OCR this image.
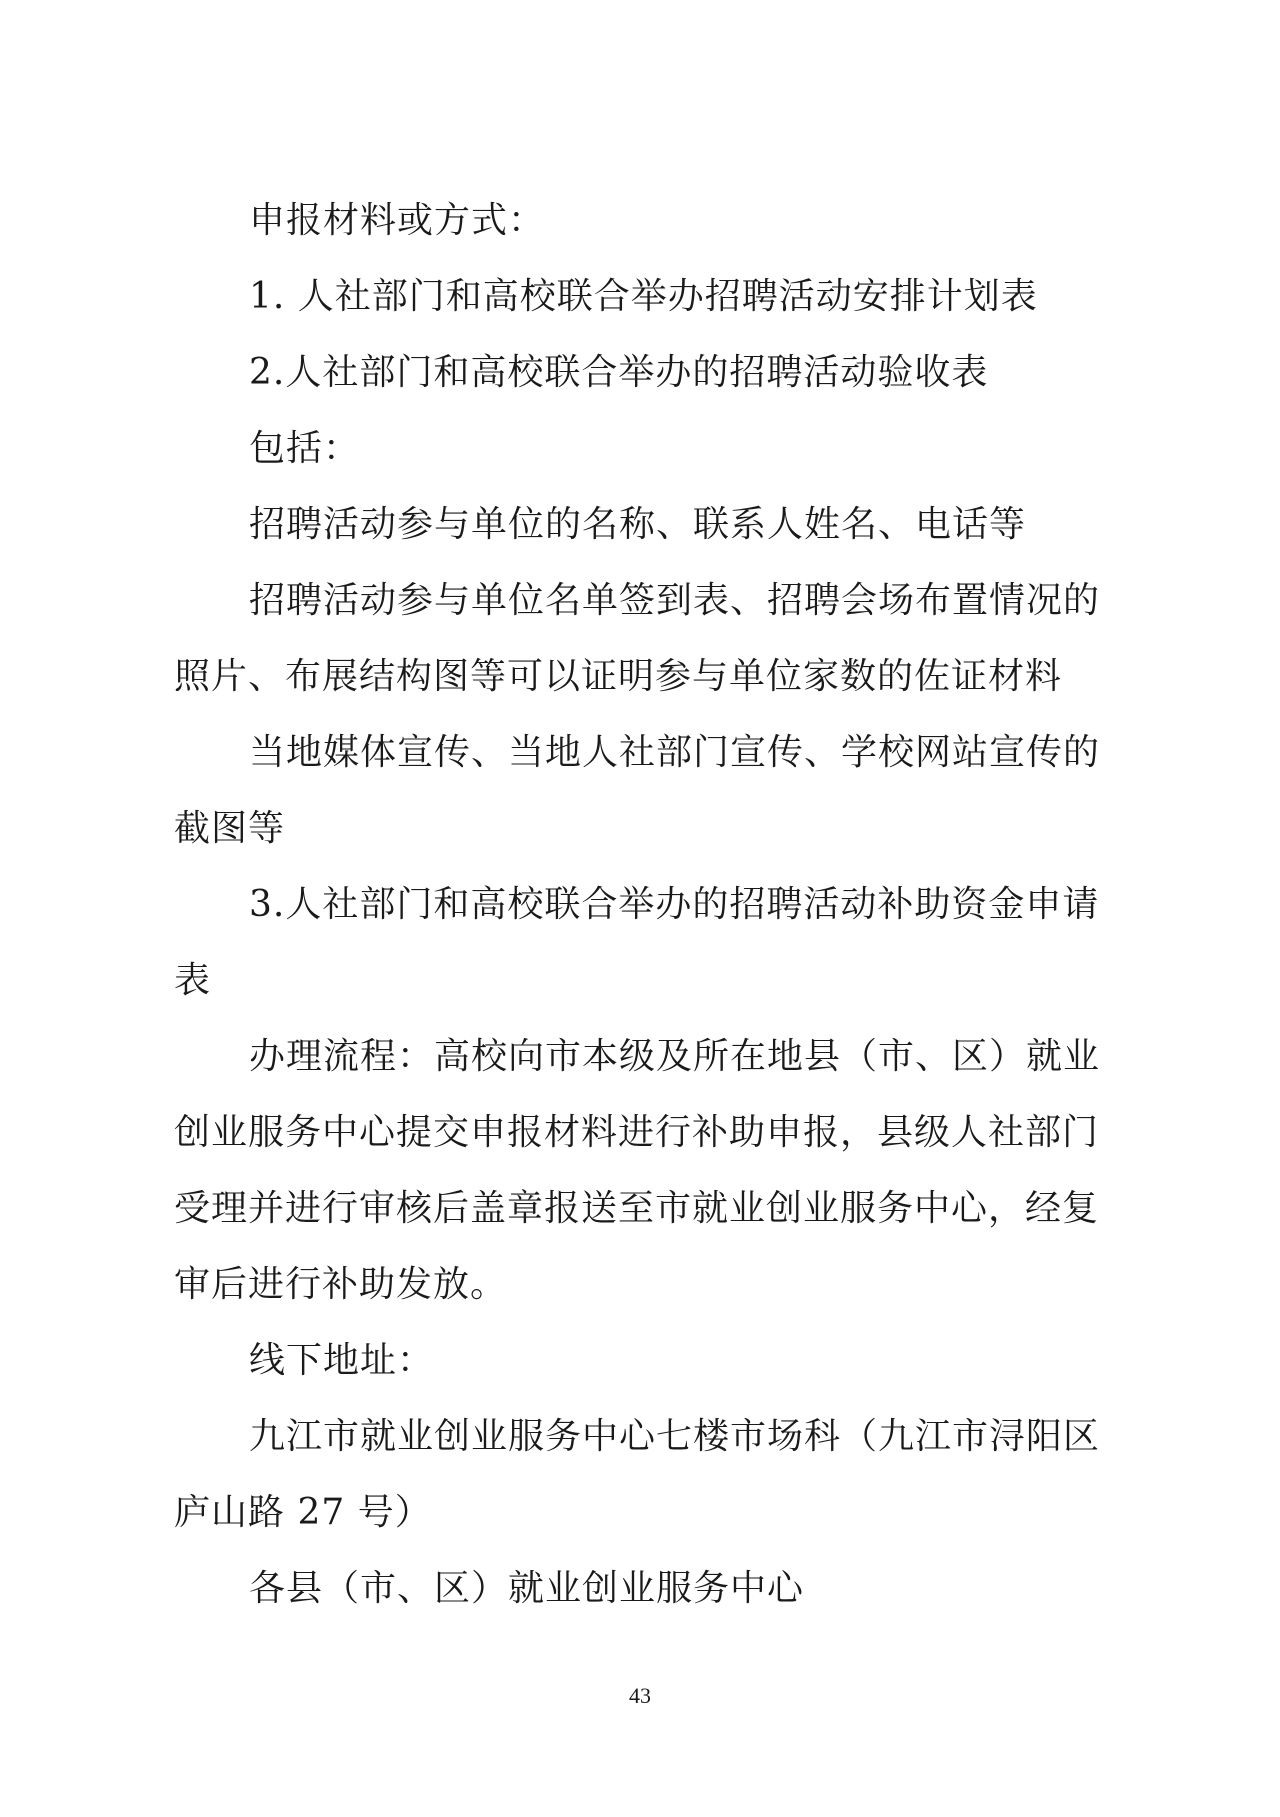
申报材料或方式：
1. 人社部门和高校联合举办招聘活动安排计划表
2.人社部门和高校联合举办的招聘活动验收表
包括：
招聘活动参与单位的名称、联系人姓名、电话等
招聘活动参与单位名单签到表、招聘会场布置情况的
照片、布展结构图等可以证明参与单位家数的佐证材料
当地媒体宣传、当地人社部门宣传、学校网站宣传的
截图等
3.人社部门和高校联合举办的招聘活动补助资金申请
表
办理流程：高校向市本级及所在地县（市、区）就业
创业服务中心提交申报材料进行补助申报，县级人社部门
受理并进行审核后盖章报送至市就业创业服务中心，经复
审后进行补助发放。
线下地址：
九江市就业创业服务中心七楼市场科（九江市浔阳区
庐山路 27 号）
各县（市、区）就业创业服务中心
43
